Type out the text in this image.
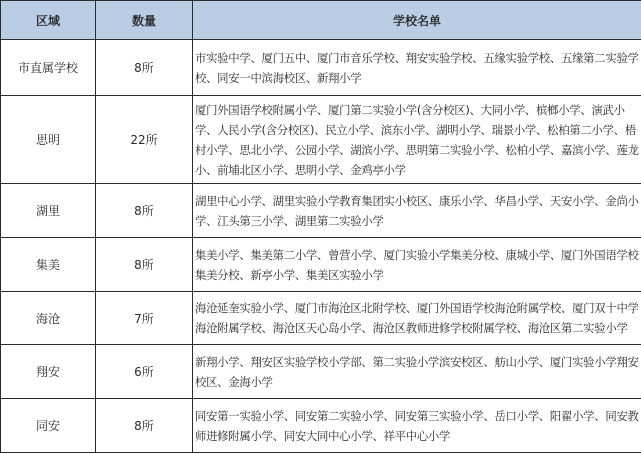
区域	数量	学校名单
市直属学校	8所	市实验中学、厦门五中、厦门市音乐学校、翔安实验学校、五缘实验学校、五缘第二实验学校、同安一中滨海校区、新翔小学
思明	22所	厦门外国语学校附属小学、厦门第二实验小学(含分校区)、大同小学、槟榔小学、演武小学、人民小学(含分校区)、民立小学、滨东小学、湖明小学、瑞景小学、松柏第二小学、梧村小学、思北小学、公园小学、湖滨小学、思明第二实验小学、松柏小学、嘉滨小学、莲龙小、前埔北区小学、思明小学、金鸡亭小学
湖里	8所	湖里中心小学、湖里实验小学教育集团实小校区、康乐小学、华昌小学、天安小学、金尚小学、江头第三小学、湖里第二实验小学
集美	8所	集美小学、集美第二小学、曾营小学、厦门实验小学集美分校、康城小学、厦门外国语学校集美分校、新亭小学、集美区实验小学
海沧	7所	海沧延奎实验小学、厦门市海沧区北附学校、厦门外国语学校海沧附属学校、厦门双十中学海沧附属学校、海沧区天心岛小学、海沧区教师进修学校附属学校、海沧区第二实验小学
翔安	6所	新翔小学、翔安区实验学校小学部、第二实验小学滨安校区、舫山小学、厦门实验小学翔安校区、金海小学
同安	8所	同安第一实验小学、同安第二实验小学、同安第三实验小学、岳口小学、阳翟小学、同安教师进修附属小学、同安大同中心小学、祥平中心小学
